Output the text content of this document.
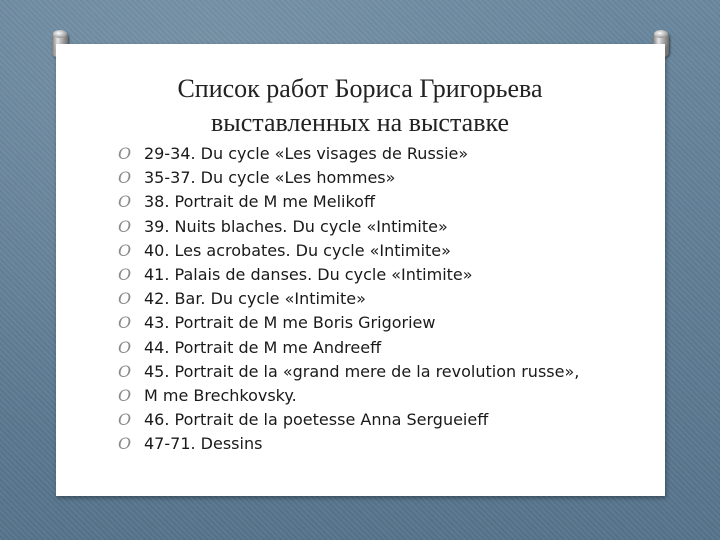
Список работ Бориса Григорьева
выставленных на выставке
O 29-34. Du cycle «Les visages de Russie»
O 35-37. Du cycle «Les hommes»
O 38. Portrait de M me Melikoff
O 39. Nuits blaches. Du cycle «Intimite»
O 40. Les acrobates. Du cycle «Intimite»
O 41. Palais de danses. Du cycle «Intimite»
O 42. Bar. Du cycle «Intimite»
O 43. Portrait de M me Boris Grigoriew
O 44. Portrait de M me Andreeff
O 45. Portrait de la «grand mere de la revolution russe»,
O M me Brechkovsky.
O 46. Portrait de la poetesse Anna Sergueieff
O 47-71. Dessins
